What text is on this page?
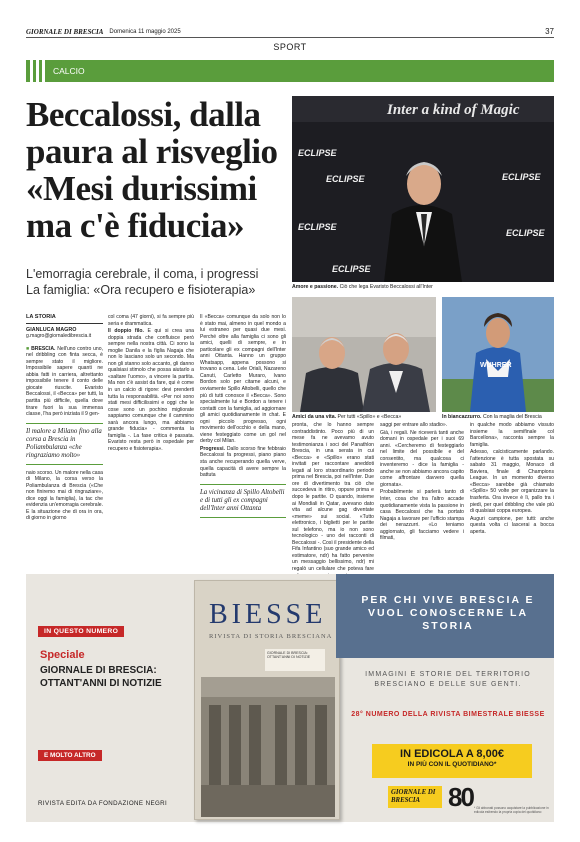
GIORNALE DI BRESCIA Domenica 11 maggio 2025	37
SPORT
CALCIO
Beccalossi, dalla paura al risveglio «Mesi durissimi ma c'è fiducia»
L'emorragia cerebrale, il coma, i progressi
La famiglia: «Ora recupero e fisioterapia»
Inter a kind of Magic
ECLIPSE
ECLIPSE
ECLIPSE
ECLIPSE
ECLIPSE
ECLIPSE
Amore e passione. Ciò che lega Evaristo Beccalossi all'Inter
Amici da una vita. Per tutti «Spillo» e «Becca»
WUHRER
In biancazzurro. Con la maglia del Brescia
LA STORIA
GIANLUCA MAGRO
g.magro@giornaledibrescia.it

■ BRESCIA. Nell'uno contro uno, nel dribbling con finta secca, è sempre stato il migliore. Impossibile sapere quanti ne abbia fatti in carriera, altrettanto impossibile tenere il conto delle giocate riuscite. Evaristo Beccalossi, il «Becca» per tutti, la partita più difficile, quella dove tirare fuori la sua immensa classe, l'ha però iniziata il 9 gen-

Il malore a Milano fino alla corsa a Brescia in Poliambulanza «che ringraziamo molto»

naio scorso. Un malore nella casa di Milano, la corsa verso la Poliambulanza di Brescia («Che non finiremo mai di ringraziare», dice oggi la famiglia), la tac che evidenzia un'emorragia cerebrale. E la situazione che di ora in ora, di giorno in giorno

col coma (47 giorni), si fa sempre più seria e drammatica.

Il doppio filo. E qui si crea una doppia strada che confluisce però sempre nella nostra città. Ci sono la moglie Danila e la figlia Nagaja che non lo lasciano solo un secondo. Ma non gli stanno solo accanto, gli danno qualsiasi stimolo che possa aiutarlo a «saltare l'uomo», a vincere la partita. Ma non c'è assist da fare, qui è come in un calcio di rigore: devi prenderti tutta la responsabilità. «Per noi sono stati mesi difficilissimi e oggi che le cose sono un pochino migliorate sappiamo comunque che il cammino sarà ancora lungo, ma abbiamo grande fiducia» - commenta la famiglia -. La fase critica è passata. Evaristo resta però in ospedale per recupero e fisioterapia».

Il «Becca» comunque da solo non lo è stato mai, almeno in quel mondo a lui estraneo per quasi due mesi. Perché oltre alla famiglia ci sono gli amici, quelli di sempre, e in particolare gli ex compagni dell'Inter anni Ottanta. Hanno un gruppo Whatsapp, appena possono si trovano a cena. Lele Oriali, Nazareno Canuti, Carletto Muraro, Ivano Bordon solo per citarne alcuni, e ovviamente Spillo Altobelli, quello che più di tutti conosce il «Becca». Sono specialmente lui e Bordon a tenere i contatti con la famiglia, ad aggiornare gli amici quotidianamente in chat. E ogni piccolo progresso, ogni movimento dell'occhio e della mano, viene festeggiato come un gol nel derby col Milan.

Progressi. Dallo scorso fine febbraio Beccalossi fa progressi, piano piano sta anche recuperando quella verve, quella capacità di avere sempre la battuta

La vicinanza di Spillo Altobelli e di tutti gli ex compagni dell'Inter anni Ottanta

pronta, che lo hanno sempre contraddistinto. Poco più di un mese fa ne avevamo avuto testimonianza i soci del Panathlon Brescia, in una serata in cui «Becca» e «Spillo» erano stati invitati per raccontare aneddoti legati al loro straordinario periodo prima nel Brescia, poi nell'Inter. Due ore di divertimento tra ciò che succedeva in ritiro, oppure prima e dopo le partite. O quando, insieme ai Mondiali in Qatar, avevano dato vita ad alcune gag diventate «meme» sui social. «Tutto elettronico, i biglietti per le partite sul telefono, ma io non sono tecnologico - uno dei racconti di Beccalossi -. Così il presidente della Fifa Infantino (suo grande amico ed estimatore, ndr) ha fatto pervenire un messaggio bellissimo, ndr) mi regalò un cellulare che poteva fare

saggi per entrare allo stadio».

Già, i regali. Ne riceverà tanti anche domani in ospedale per i suoi 69 anni. «Cercheremo di festeggiarlo nel limite del possibile e del consentito, ma qualcosa ci inventeremo - dice la famiglia - anche se non abbiamo ancora capito come affrontare davvero quella giornata».

Probabilmente si parlerà tanto di Inter, cosa che tra l'altro accade quotidianamente vista la passione in casa Beccalossi che ha portato Nagaja a lavorare per l'ufficio stampa dei nerazzurri. «Lo teniamo aggiornato, gli facciamo vedere i filmati,

in qualche modo abbiamo vissuto insieme la semifinale col Barcellona», racconta sempre la famiglia.

Adesso, calcisticamente parlando. l'attenzione è tutta spostata su sabato 31 maggio, Monaco di Baviera, finale di Champions League. In un momento diverso «Becca» sarebbe già chiamato «Spillo» 50 volte per organizzare la trasferta. Ora invece è lì, pallo tra i piedi, per quel dribbling che vale più di qualsiasi coppa europea.

Auguri campione, per tutti: anche questa volta ci lascerai a bocca aperta.

IN QUESTO NUMERO
Speciale
GIORNALE DI BRESCIA: OTTANT'ANNI DI NOTIZIE
E MOLTO ALTRO
RIVISTA EDITA DA FONDAZIONE NEGRI
BIESSE
RIVISTA DI STORIA BRESCIANA
GIORNALE DI BRESCIA: OTTANT'ANNI DI NOTIZIE
PER CHI VIVE BRESCIA E VUOL CONOSCERNE LA STORIA
IMMAGINI E STORIE DEL TERRITORIO BRESCIANO E DELLE SUE GENTI.
28° NUMERO DELLA RIVISTA BIMESTRALE BIESSE
IN EDICOLA A 8,00€
IN PIÙ CON IL QUOTIDIANO*
GIORNALE DI BRESCIA	80 * Gli abbonati possono acquistare la pubblicazione in edicola esibendo la propria copia del quotidiano
